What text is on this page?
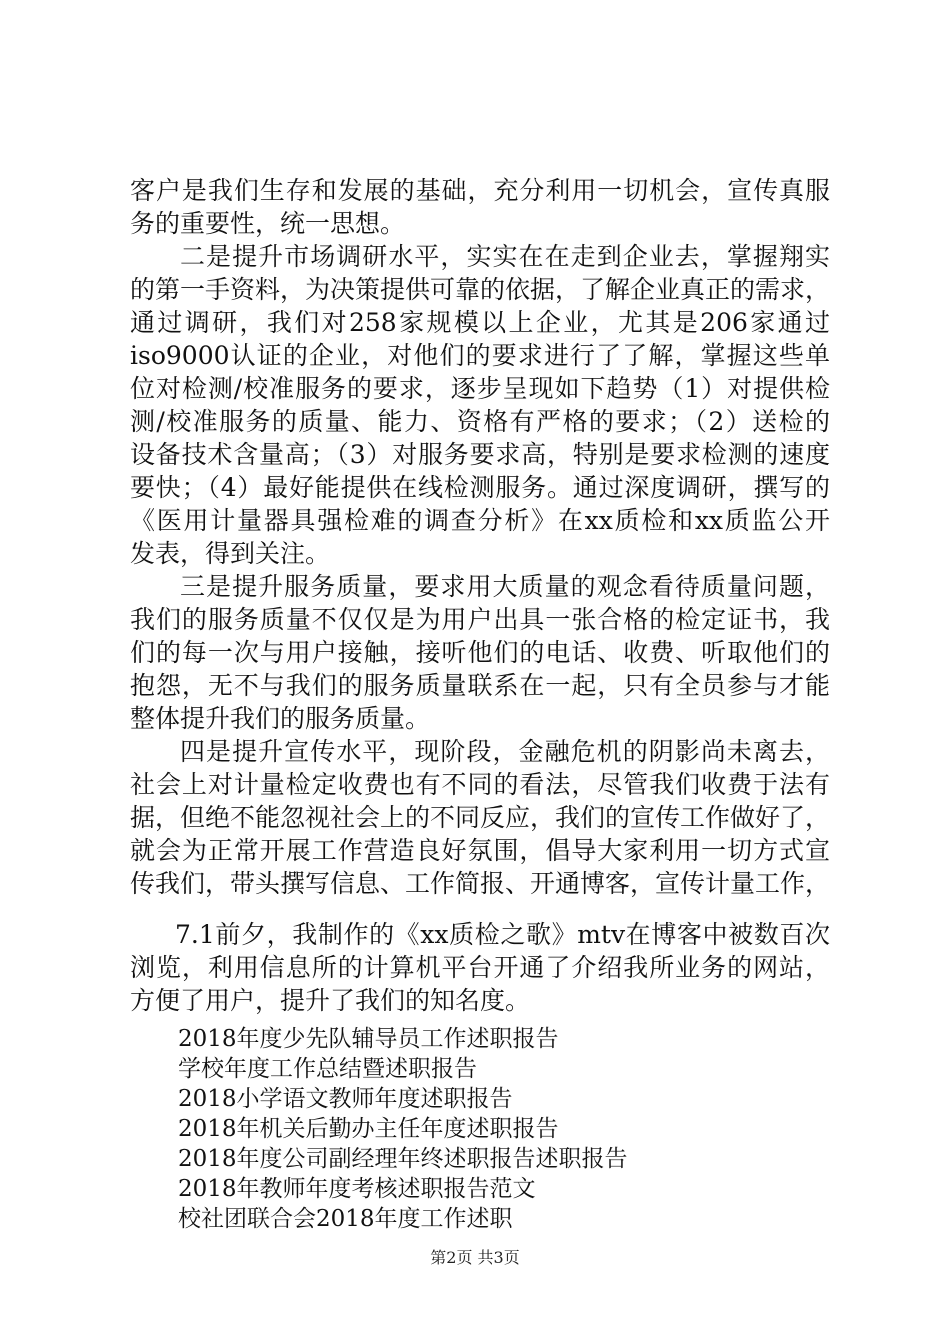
客户是我们生存和发展的基础，充分利用一切机会，宣传真服
务的重要性，统一思想。
二是提升市场调研水平，实实在在走到企业去，掌握翔实
的第一手资料，为决策提供可靠的依据，了解企业真正的需求，
通过调研，我们对258家规模以上企业，尤其是206家通过
iso9000认证的企业，对他们的要求进行了了解，掌握这些单
位对检测/校准服务的要求，逐步呈现如下趋势（1）对提供检
测/校准服务的质量、能力、资格有严格的要求；（2）送检的
设备技术含量高；（3）对服务要求高，特别是要求检测的速度
要快；（4）最好能提供在线检测服务。通过深度调研，撰写的
《医用计量器具强检难的调查分析》在xx质检和xx质监公开
发表，得到关注。
三是提升服务质量，要求用大质量的观念看待质量问题，
我们的服务质量不仅仅是为用户出具一张合格的检定证书，我
们的每一次与用户接触，接听他们的电话、收费、听取他们的
抱怨，无不与我们的服务质量联系在一起，只有全员参与才能
整体提升我们的服务质量。
四是提升宣传水平，现阶段，金融危机的阴影尚未离去，
社会上对计量检定收费也有不同的看法，尽管我们收费于法有
据，但绝不能忽视社会上的不同反应，我们的宣传工作做好了，
就会为正常开展工作营造良好氛围，倡导大家利用一切方式宣
传我们，带头撰写信息、工作简报、开通博客，宣传计量工作，
7.1前夕，我制作的《xx质检之歌》mtv在博客中被数百次
浏览，利用信息所的计算机平台开通了介绍我所业务的网站，
方便了用户，提升了我们的知名度。
2018年度少先队辅导员工作述职报告
学校年度工作总结暨述职报告
2018小学语文教师年度述职报告
2018年机关后勤办主任年度述职报告
2018年度公司副经理年终述职报告述职报告
2018年教师年度考核述职报告范文
校社团联合会2018年度工作述职
第2页 共3页
